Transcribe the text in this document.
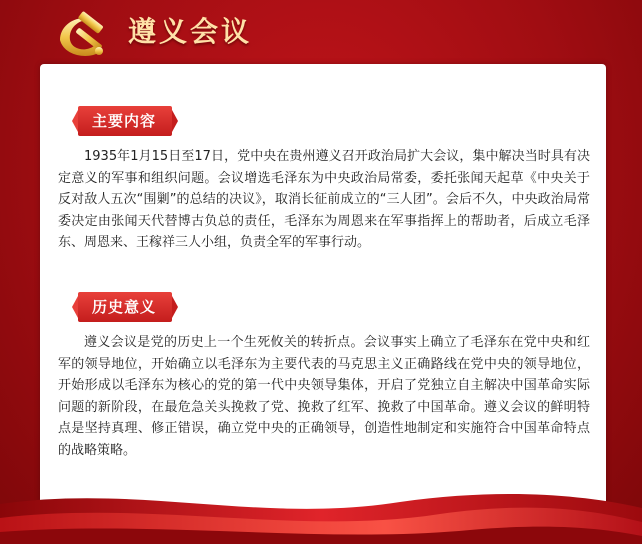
遵义会议
主要内容

1935年1月15日至17日，党中央在贵州遵义召开政治局扩大会议，集中解决当时具有决定意义的军事和组织问题。会议增选毛泽东为中央政治局常委，委托张闻天起草《中央关于反对敌人五次“围剿”的总结的决议》，取消长征前成立的“三人团”。会后不久，中央政治局常委决定由张闻天代替博古负总的责任，毛泽东为周恩来在军事指挥上的帮助者，后成立毛泽东、周恩来、王稼祥三人小组，负责全军的军事行动。

历史意义

遵义会议是党的历史上一个生死攸关的转折点。会议事实上确立了毛泽东在党中央和红军的领导地位，开始确立以毛泽东为主要代表的马克思主义正确路线在党中央的领导地位，开始形成以毛泽东为核心的党的第一代中央领导集体，开启了党独立自主解决中国革命实际问题的新阶段，在最危急关头挽救了党、挽救了红军、挽救了中国革命。遵义会议的鲜明特点是坚持真理、修正错误，确立党中央的正确领导，创造性地制定和实施符合中国革命特点的战略策略。
